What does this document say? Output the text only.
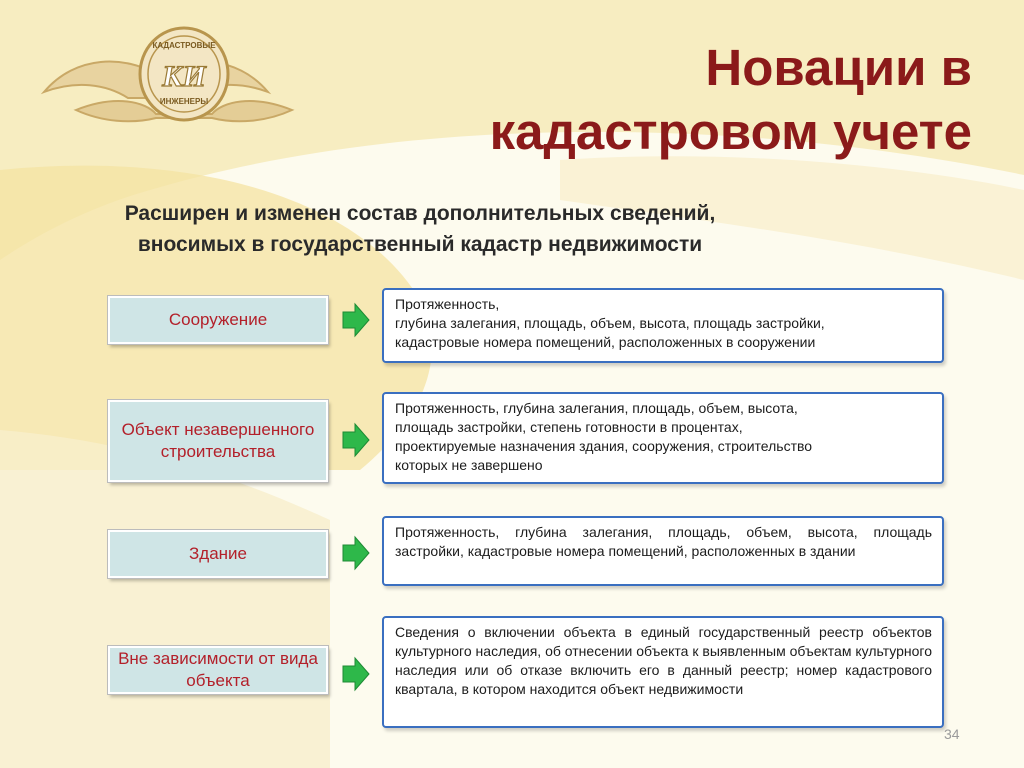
КАДАСТРОВЫЕ
КИ
ИНЖЕНЕРЫ
Новации в
кадастровом учете
Расширен и изменен состав дополнительных сведений,
вносимых в государственный кадастр недвижимости
Сооружение
Протяженность,
глубина залегания, площадь, объем, высота, площадь застройки,
кадастровые номера помещений, расположенных в сооружении
Объект незавершенного строительства
Протяженность, глубина залегания, площадь, объем, высота,
площадь застройки, степень готовности в процентах,
проектируемые назначения здания, сооружения, строительство
которых не завершено
Здание
Протяженность, глубина залегания, площадь, объем, высота, площадь застройки, кадастровые номера помещений, расположенных в здании
Вне зависимости от вида объекта
Сведения о включении объекта в единый государственный реестр объектов культурного наследия, об отнесении объекта к выявленным объектам культурного наследия или об отказе включить его в данный реестр; номер кадастрового квартала, в котором находится объект недвижимости
34
